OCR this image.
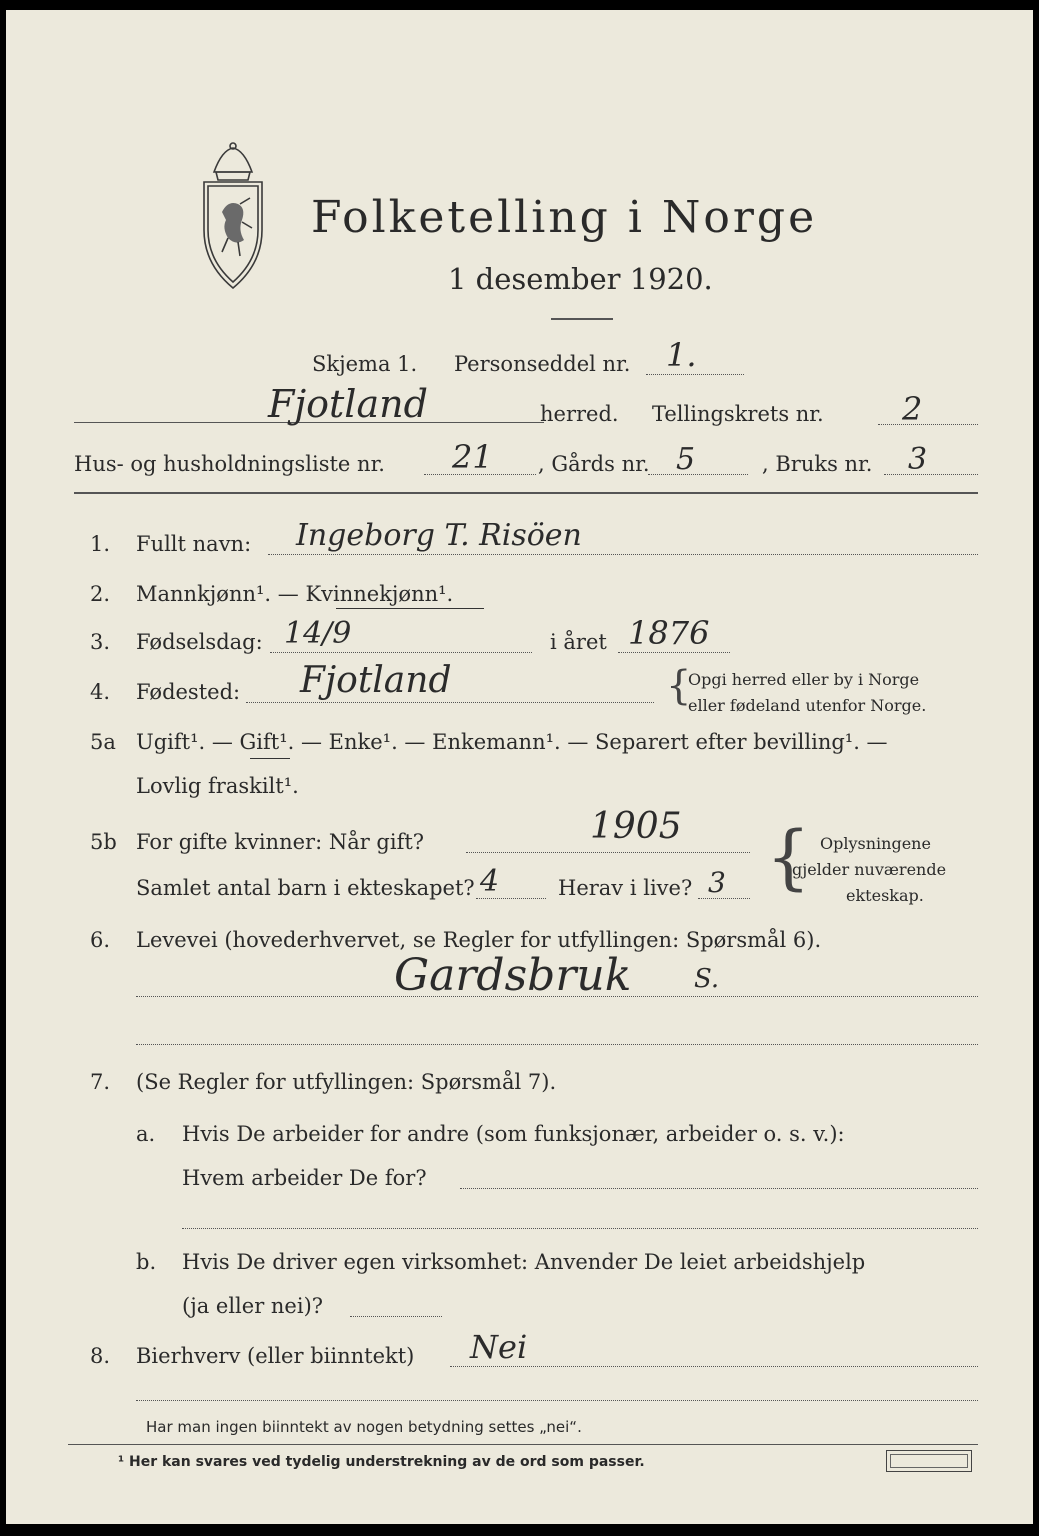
Folketelling i Norge
1 desember 1920.
Skjema 1. Personseddel nr. 1.
Fjotland	herred. Tellingskrets nr. 2
Hus- og husholdningsliste nr. 21 , Gårds nr. 5	, Bruks nr. 3
1. Fullt navn: Ingeborg T. Risöen
2. Mannkjønn¹. — Kvinnekjønn¹.
3. Fødselsdag: 14/9	i året 1876
4. Fødested: Fjotland	{
Opgi herred eller by i Norge
eller fødeland utenfor Norge.
5a Ugift¹. — Gift¹. — Enke¹. — Enkemann¹. — Separert efter bevilling¹. —
Lovlig fraskilt¹.
5b For gifte kvinner: Når gift?	1905
Samlet antal barn i ekteskapet? 4	Herav i live? 3 { Oplysningene
gjelder nuværende
ekteskap.
6. Levevei (hovederhvervet, se Regler for utfyllingen: Spørsmål 6).
Gardsbruk S.
7. (Se Regler for utfyllingen: Spørsmål 7).
a. Hvis De arbeider for andre (som funksjonær, arbeider o. s. v.):
Hvem arbeider De for?
b. Hvis De driver egen virksomhet: Anvender De leiet arbeidshjelp
(ja eller nei)?
8. Bierhverv (eller biinntekt) Nei
Har man ingen biinntekt av nogen betydning settes „nei“.
¹ Her kan svares ved tydelig understrekning av de ord som passer.
